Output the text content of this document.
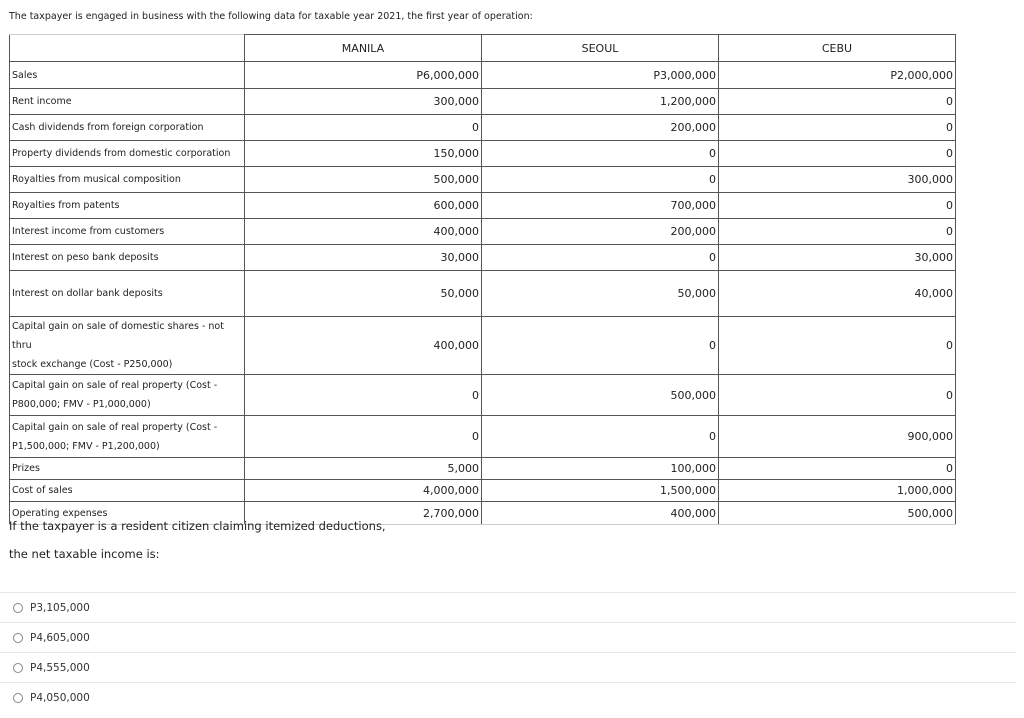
The taxpayer is engaged in business with the following data for taxable year 2021, the first year of operation:
	MANILA	SEOUL	CEBU
Sales	P6,000,000	P3,000,000	P2,000,000
Rent income	300,000	1,200,000	0
Cash dividends from foreign corporation	0	200,000	0
Property dividends from domestic corporation	150,000	0	0
Royalties from musical composition	500,000	0	300,000
Royalties from patents	600,000	700,000	0
Interest income from customers	400,000	200,000	0
Interest on peso bank deposits	30,000	0	30,000
Interest on dollar bank deposits	50,000	50,000	40,000

Capital gain on sale of domestic shares - not thru
stock exchange (Cost - P250,000)	400,000	0	0

Capital gain on sale of real property (Cost -
P800,000; FMV - P1,000,000)	0	500,000	0

Capital gain on sale of real property (Cost -
P1,500,000; FMV - P1,200,000)	0	0	900,000
Prizes	5,000	100,000	0
Cost of sales	4,000,000	1,500,000	1,000,000
Operating expenses	2,700,000	400,000	500,000
If the taxpayer is a resident citizen claiming itemized deductions,
the net taxable income is:
P3,105,000
P4,605,000
P4,555,000
P4,050,000
